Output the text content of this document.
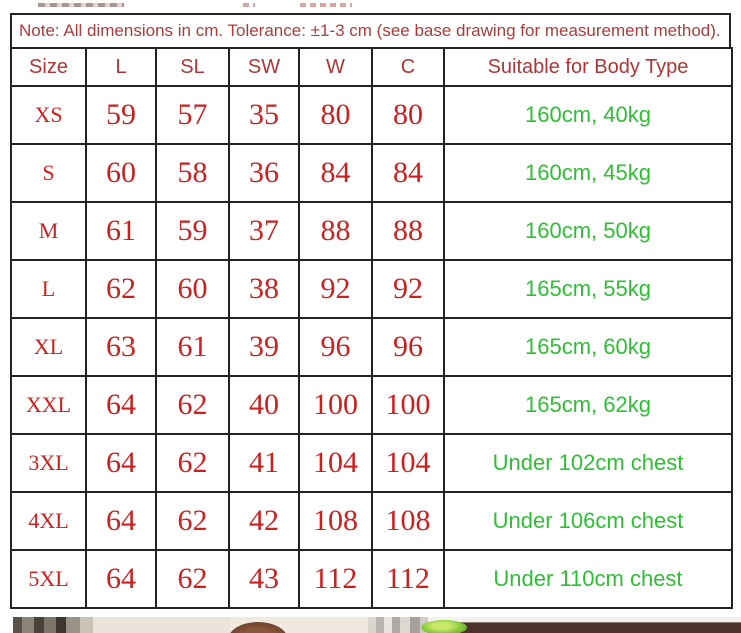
Note: All dimensions in cm. Tolerance: ±1-3 cm (see base drawing for measurement method).
Size	L	SL	SW	W	C	Suitable for Body Type
XS	59	57	35	80	80	160cm, 40kg
S	60	58	36	84	84	160cm, 45kg
M	61	59	37	88	88	160cm, 50kg
L	62	60	38	92	92	165cm, 55kg
XL	63	61	39	96	96	165cm, 60kg
XXL	64	62	40	100	100	165cm, 62kg
3XL	64	62	41	104	104	Under 102cm chest
4XL	64	62	42	108	108	Under 106cm chest
5XL	64	62	43	112	112	Under 110cm chest
